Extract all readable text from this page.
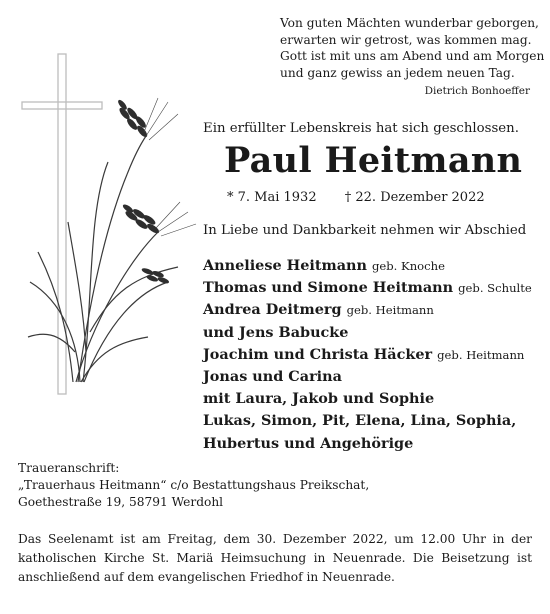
Von guten Mächten wunderbar geborgen,
erwarten wir getrost, was kommen mag.
Gott ist mit uns am Abend und am Morgen
und ganz gewiss an jedem neuen Tag.
Dietrich Bonhoeffer
Ein erfüllter Lebenskreis hat sich geschlossen.
Paul Heitmann
* 7. Mai 1932 † 22. Dezember 2022
In Liebe und Dankbarkeit nehmen wir Abschied
Anneliese Heitmann geb. Knoche
Thomas und Simone Heitmann geb. Schulte
Andrea Deitmerg geb. Heitmann
und Jens Babucke
Joachim und Christa Häcker geb. Heitmann
Jonas und Carina
mit Laura, Jakob und Sophie
Lukas, Simon, Pit, Elena, Lina, Sophia,
Hubertus und Angehörige
Traueranschrift:
„Trauerhaus Heitmann“ c/o Bestattungshaus Preikschat,
Goethestraße 19, 58791 Werdohl
Das Seelenamt ist am Freitag, dem 30. Dezember 2022, um 12.00 Uhr in der katholischen Kirche St. Mariä Heimsuchung in Neuenrade. Die Beisetzung ist anschließend auf dem evangelischen Friedhof in Neuenrade.
